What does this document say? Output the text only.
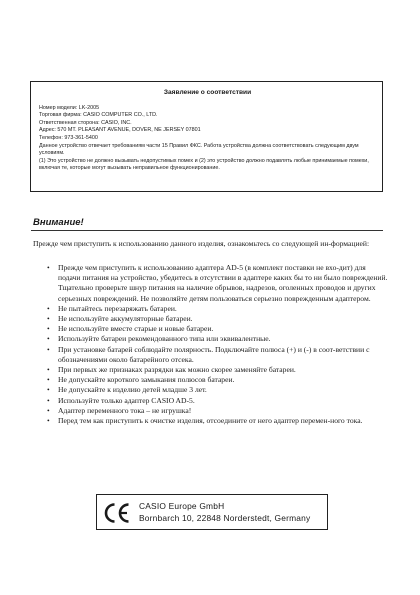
Заявление о соответствии
Номер модели: LK-2005
Торговая фирма: CASIO COMPUTER CO., LTD.
Ответственная сторона: CASIO, INC.
Адрес: 570 MT. PLEASANT AVENUE, DOVER, NE JERSEY 07801
Телефон: 973-361-5400
Данное устройство отвечает требованиям части 15 Правил ФКС. Работа устройства должна соответствовать следующим двум условиям.
(1) Это устройство не должно вызывать недопустимых помех и (2) это устройство должно подавлять любые принимаемые помехи, включая те, которые могут вызывать неправильное функционирование.
Внимание!
Прежде чем приступить к использованию данного изделия, ознакомьтесь со следующей ин-формацией:
• Прежде чем приступить к использованию адаптера AD-5 (в комплект поставки не вхо-дит) для подачи питания на устройство, убедитесь в отсутствии в адаптере каких бы то ни было повреждений. Тщательно проверьте шнур питания на наличие обрывов, надрезов, оголенных проводов и других серьезных повреждений. Не позволяйте детям пользоваться серьезно поврежденным адаптером.
• Не пытайтесь перезаряжать батареи.
• Не используйте аккумуляторные батареи.
• Не используйте вместе старые и новые батареи.
• Используйте батареи рекомендованного типа или эквивалентные.
• При установке батарей соблюдайте полярность. Подключайте полюса (+) и (-) в соот-ветствии с обозначениями около батарейного отсека.
• При первых же признаках разрядки как можно скорее заменяйте батареи.
• Не допускайте короткого замыкания полюсов батареи.
• Не допускайте к изделию детей младше 3 лет.
• Используйте только адаптер CASIO AD-5.
• Адаптер переменного тока – не игрушка!
• Перед тем как приступить к очистке изделия, отсоедините от него адаптер перемен-ного тока.
CASIO Europe GmbH
Bornbarch 10, 22848 Norderstedt, Germany
